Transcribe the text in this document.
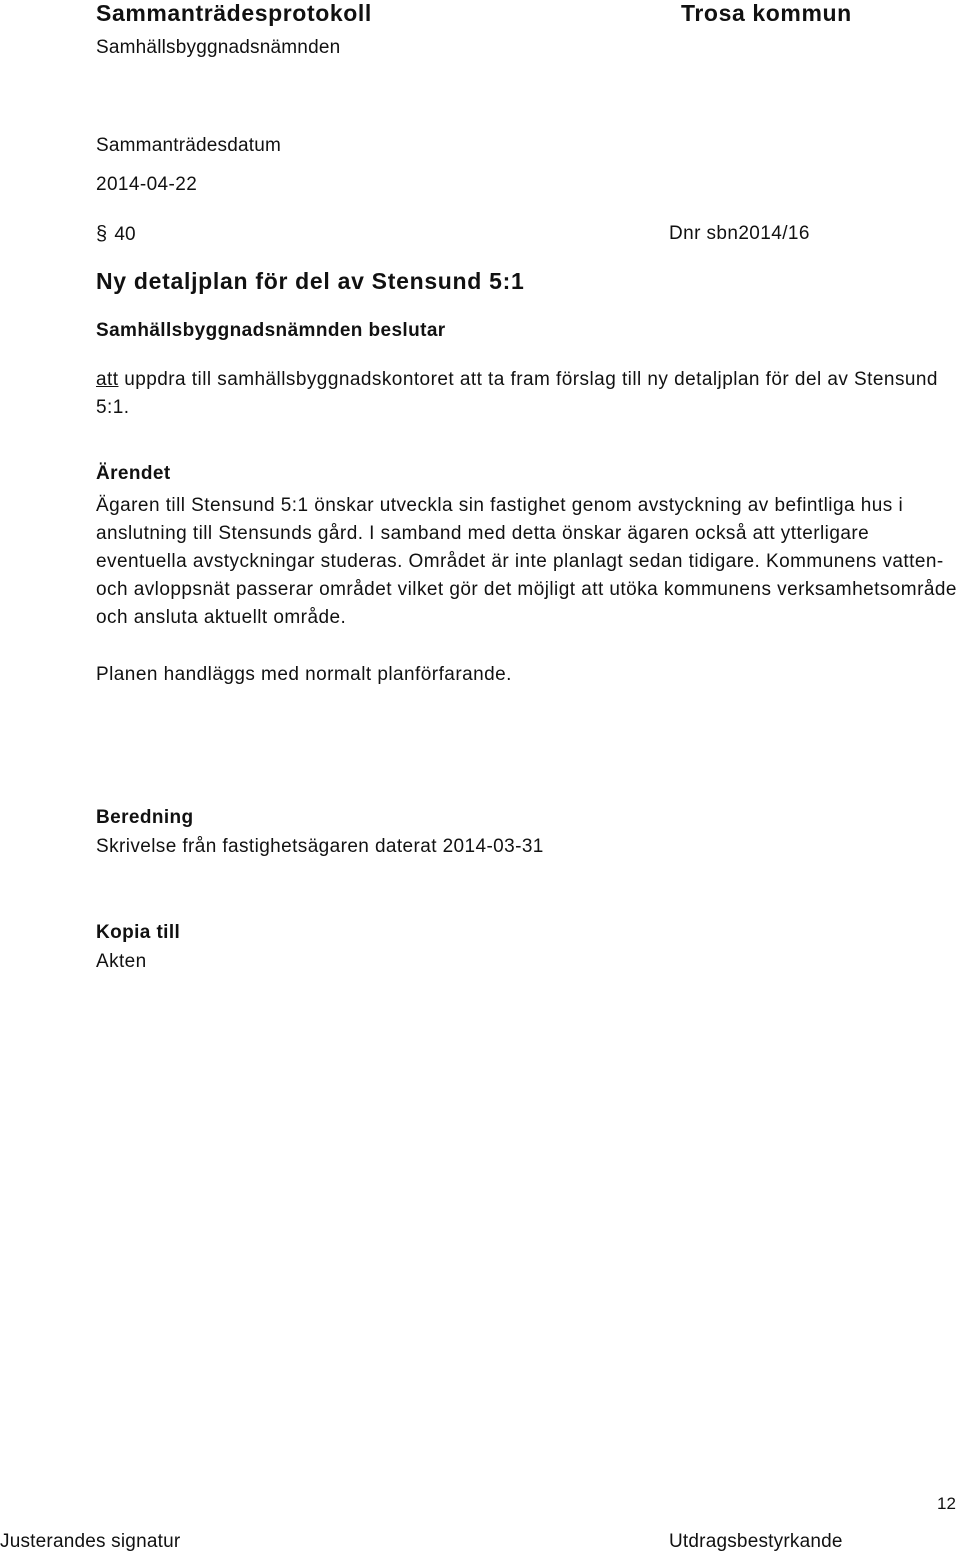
Sammanträdesprotokoll	Trosa kommun
Samhällsbyggnadsnämnden
Sammanträdesdatum
2014-04-22
§ 40	Dnr sbn2014/16
Ny detaljplan för del av Stensund 5:1
Samhällsbyggnadsnämnden beslutar
att uppdra till samhällsbyggnadskontoret att ta fram förslag till ny detaljplan för del av Stensund 5:1.
Ärendet
Ägaren till Stensund 5:1 önskar utveckla sin fastighet genom avstyckning av befintliga hus i anslutning till Stensunds gård. I samband med detta önskar ägaren också att ytterligare eventuella avstyckningar studeras. Området är inte planlagt sedan tidigare. Kommunens vatten- och avloppsnät passerar området vilket gör det möjligt att utöka kommunens verksamhetsområde och ansluta aktuellt område.
Planen handläggs med normalt planförfarande.
Beredning
Skrivelse från fastighetsägaren daterat 2014-03-31
Kopia till
Akten
Justerandes signatur	Utdragsbestyrkande
12
